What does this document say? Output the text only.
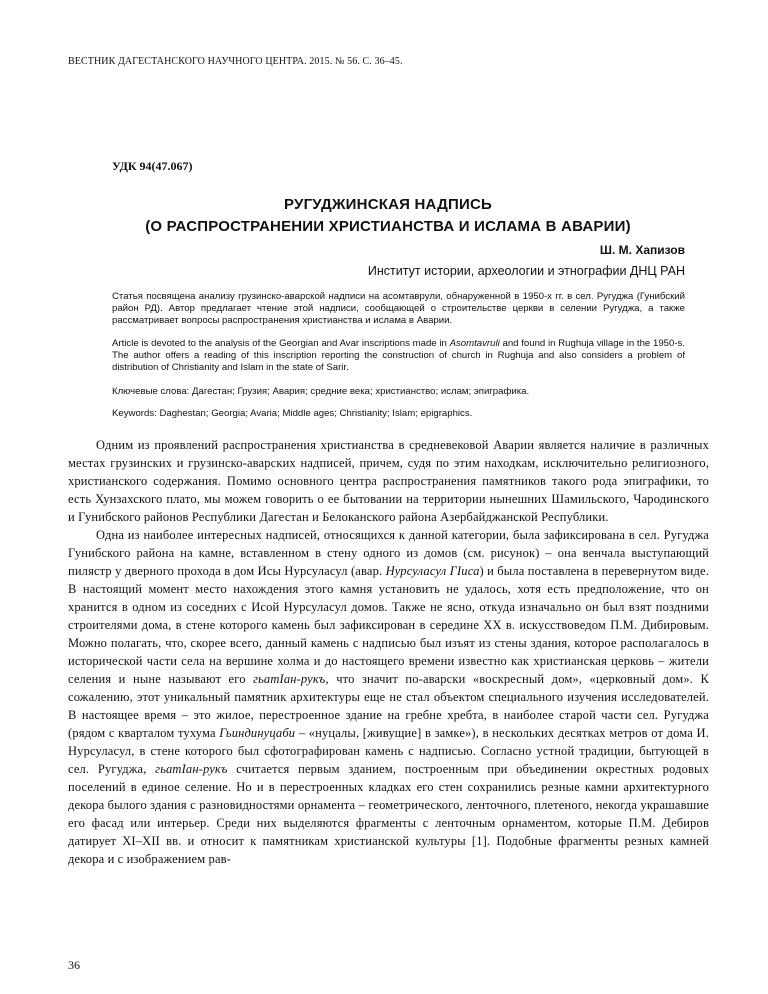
ВЕСТНИК ДАГЕСТАНСКОГО НАУЧНОГО ЦЕНТРА. 2015. № 56. С. 36–45.
УДК 94(47.067)
РУГУДЖИНСКАЯ НАДПИСЬ
(О РАСПРОСТРАНЕНИИ ХРИСТИАНСТВА И ИСЛАМА В АВАРИИ)
Ш. М. Хапизов
Институт истории, археологии и этнографии ДНЦ РАН
Статья посвящена анализу грузинско-аварской надписи на асомтаврули, обнаруженной в 1950-х гг. в сел. Ругуджа (Гунибский район РД). Автор предлагает чтение этой надписи, сообщающей о строительстве церкви в селении Ругуджа, а также рассматривает вопросы распространения христианства и ислама в Аварии.
Article is devoted to the analysis of the Georgian and Avar inscriptions made in Asomtavruli and found in Rughuja village in the 1950-s. The author offers a reading of this inscription reporting the construction of church in Rughuja and also considers a problem of distribution of Christianity and Islam in the state of Sarir.
Ключевые слова: Дагестан; Грузия; Авария; средние века; христианство; ислам; эпиграфика.
Keywords: Daghestan; Georgia; Avaria; Middle ages; Christianity; Islam; epigraphics.

Одним из проявлений распространения христианства в средневековой Аварии является наличие в различных местах грузинских и грузинско-аварских надписей, причем, судя по этим находкам, исключительно религиозного, христианского содержания. Помимо основного центра распространения памятников такого рода эпиграфики, то есть Хунзахского плато, мы можем говорить о ее бытовании на территории нынешних Шамильского, Чародинского и Гунибского районов Республики Дагестан и Белоканского района Азербайджанской Республики.

Одна из наиболее интересных надписей, относящихся к данной категории, была зафиксирована в сел. Ругуджа Гунибского района на камне, вставленном в стену одного из домов (см. рисунок) – она венчала выступающий пилястр у дверного прохода в дом Исы Нурсуласул (авар. Нурсуласул ГIиса) и была поставлена в перевернутом виде. В настоящий момент место нахождения этого камня установить не удалось, хотя есть предположение, что он хранится в одном из соседних с Исой Нурсуласул домов. Также не ясно, откуда изначально он был взят поздними строителями дома, в стене которого камень был зафиксирован в середине XX в. искусствоведом П.М. Дибировым. Можно полагать, что, скорее всего, данный камень с надписью был изъят из стены здания, которое располагалось в исторической части села на вершине холма и до настоящего времени известно как христианская церковь – жители селения и ныне называют его гьатIан-рукъ, что значит по-аварски «воскресный дом», «церковный дом». К сожалению, этот уникальный памятник архитектуры еще не стал объектом специального изучения исследователей. В настоящее время – это жилое, перестроенное здание на гребне хребта, в наиболее старой части сел. Ругуджа (рядом с кварталом тухума Гьиндинуцаби – «нуцалы, [живущие] в замке»), в нескольких десятках метров от дома И. Нурсуласул, в стене которого был сфотографирован камень с надписью. Согласно устной традиции, бытующей в сел. Ругуджа, гьатIан-рукъ считается первым зданием, построенным при объединении окрестных родовых поселений в единое селение. Но и в перестроенных кладках его стен сохранились резные камни архитектурного декора былого здания с разновидностями орнамента – геометрического, ленточного, плетеного, некогда украшавшие его фасад или интерьер. Среди них выделяются фрагменты с ленточным орнаментом, которые П.М. Дебиров датирует XI–XII вв. и относит к памятникам христианской культуры [1]. Подобные фрагменты резных камней декора и с изображением рав-

36
